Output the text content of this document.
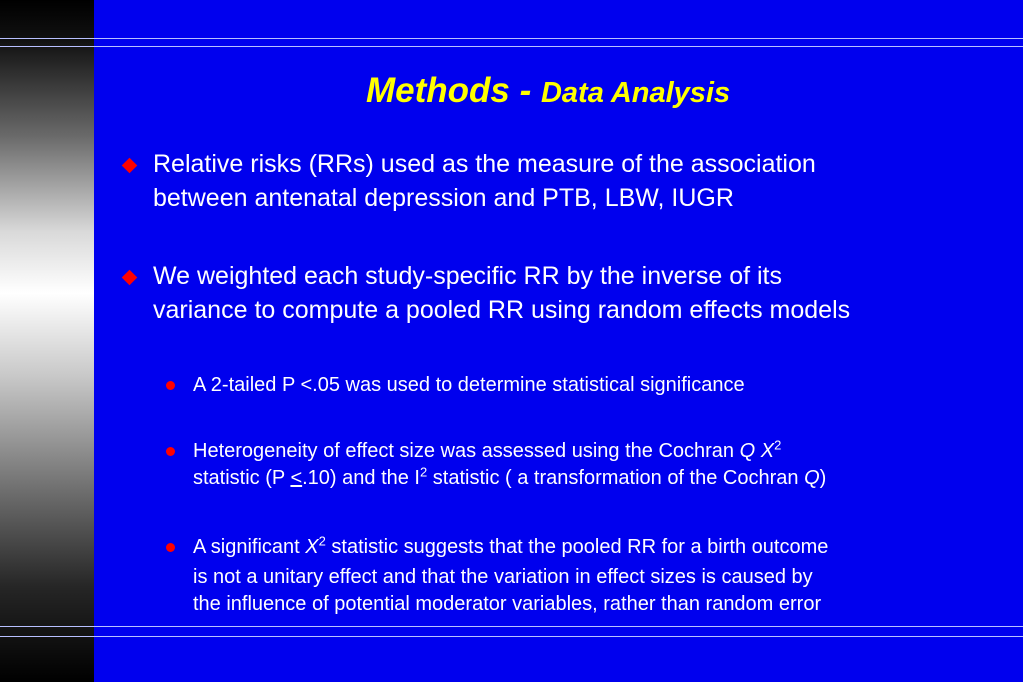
Methods - Data Analysis
Relative risks (RRs) used as the measure of the association
between antenatal depression and PTB, LBW, IUGR
We weighted each study-specific RR by the inverse of its
variance to compute a pooled RR using random effects models
A 2-tailed P <.05 was used to determine statistical significance
Heterogeneity of effect size was assessed using the Cochran Q $X^2$
statistic (P <.10) and the $I^2$ statistic ( a transformation of the Cochran Q)
A significant $X^2$ statistic suggests that the pooled RR for a birth outcome
is not a unitary effect and that the variation in effect sizes is caused by
the influence of potential moderator variables, rather than random error
